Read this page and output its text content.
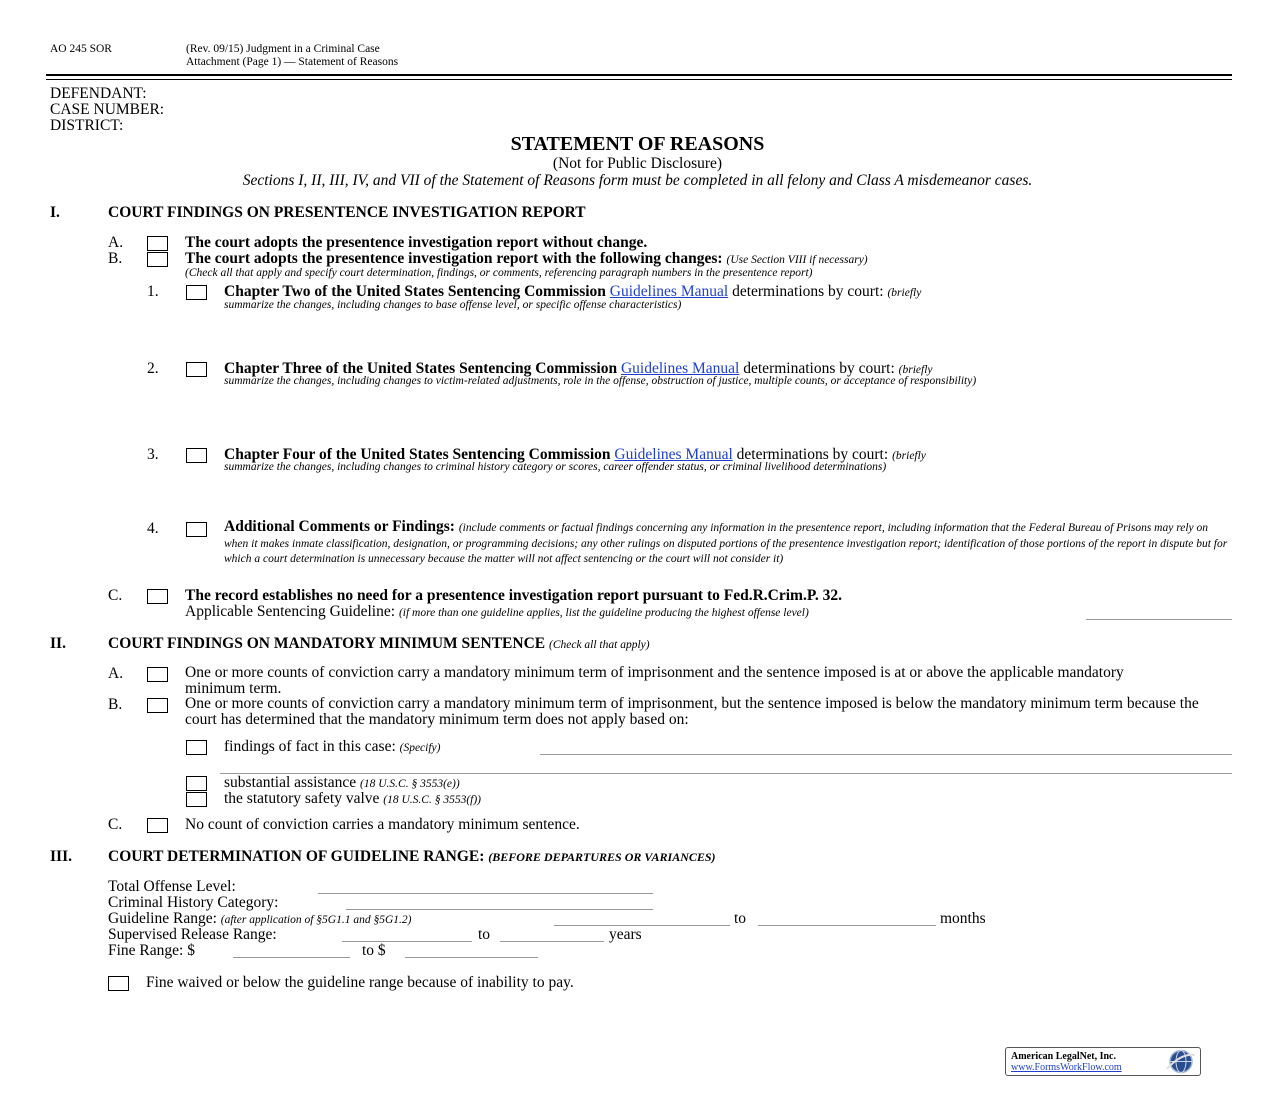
AO 245 SOR	(Rev. 09/15) Judgment in a Criminal Case
Attachment (Page 1) — Statement of Reasons
DEFENDANT:
CASE NUMBER:
DISTRICT:
STATEMENT OF REASONS
(Not for Public Disclosure)
Sections I, II, III, IV, and VII of the Statement of Reasons form must be completed in all felony and Class A misdemeanor cases.
I.	COURT FINDINGS ON PRESENTENCE INVESTIGATION REPORT
A.	The court adopts the presentence investigation report without change.
B.	The court adopts the presentence investigation report with the following changes: (Use Section VIII if necessary)
(Check all that apply and specify court determination, findings, or comments, referencing paragraph numbers in the presentence report)
1.	Chapter Two of the United States Sentencing Commission Guidelines Manual determinations by court: (briefly
summarize the changes, including changes to base offense level, or specific offense characteristics)
2.	Chapter Three of the United States Sentencing Commission Guidelines Manual determinations by court: (briefly
summarize the changes, including changes to victim-related adjustments, role in the offense, obstruction of justice, multiple counts, or acceptance of responsibility)
3.	Chapter Four of the United States Sentencing Commission Guidelines Manual determinations by court: (briefly
summarize the changes, including changes to criminal history category or scores, career offender status, or criminal livelihood determinations)
4.	Additional Comments or Findings: (include comments or factual findings concerning any information in the presentence report, including information that the Federal Bureau of Prisons may rely on when it makes inmate classification, designation, or programming decisions; any other rulings on disputed portions of the presentence investigation report; identification of those portions of the report in dispute but for which a court determination is unnecessary because the matter will not affect sentencing or the court will not consider it)
C.	The record establishes no need for a presentence investigation report pursuant to Fed.R.Crim.P. 32.
Applicable Sentencing Guideline: (if more than one guideline applies, list the guideline producing the highest offense level)
II.	COURT FINDINGS ON MANDATORY MINIMUM SENTENCE (Check all that apply)
A.	One or more counts of conviction carry a mandatory minimum term of imprisonment and the sentence imposed is at or above the applicable mandatory minimum term.
B.	One or more counts of conviction carry a mandatory minimum term of imprisonment, but the sentence imposed is below the mandatory minimum term because the court has determined that the mandatory minimum term does not apply based on:
findings of fact in this case: (Specify)
substantial assistance (18 U.S.C. § 3553(e))
the statutory safety valve (18 U.S.C. § 3553(f))
C.	No count of conviction carries a mandatory minimum sentence.
III. COURT DETERMINATION OF GUIDELINE RANGE: (BEFORE DEPARTURES OR VARIANCES)
Total Offense Level:
Criminal History Category:
Guideline Range: (after application of §5G1.1 and §5G1.2)	to	months
Supervised Release Range:	to	years
Fine Range: $	to $
Fine waived or below the guideline range because of inability to pay.
American LegalNet, Inc.
www.FormsWorkFlow.com
